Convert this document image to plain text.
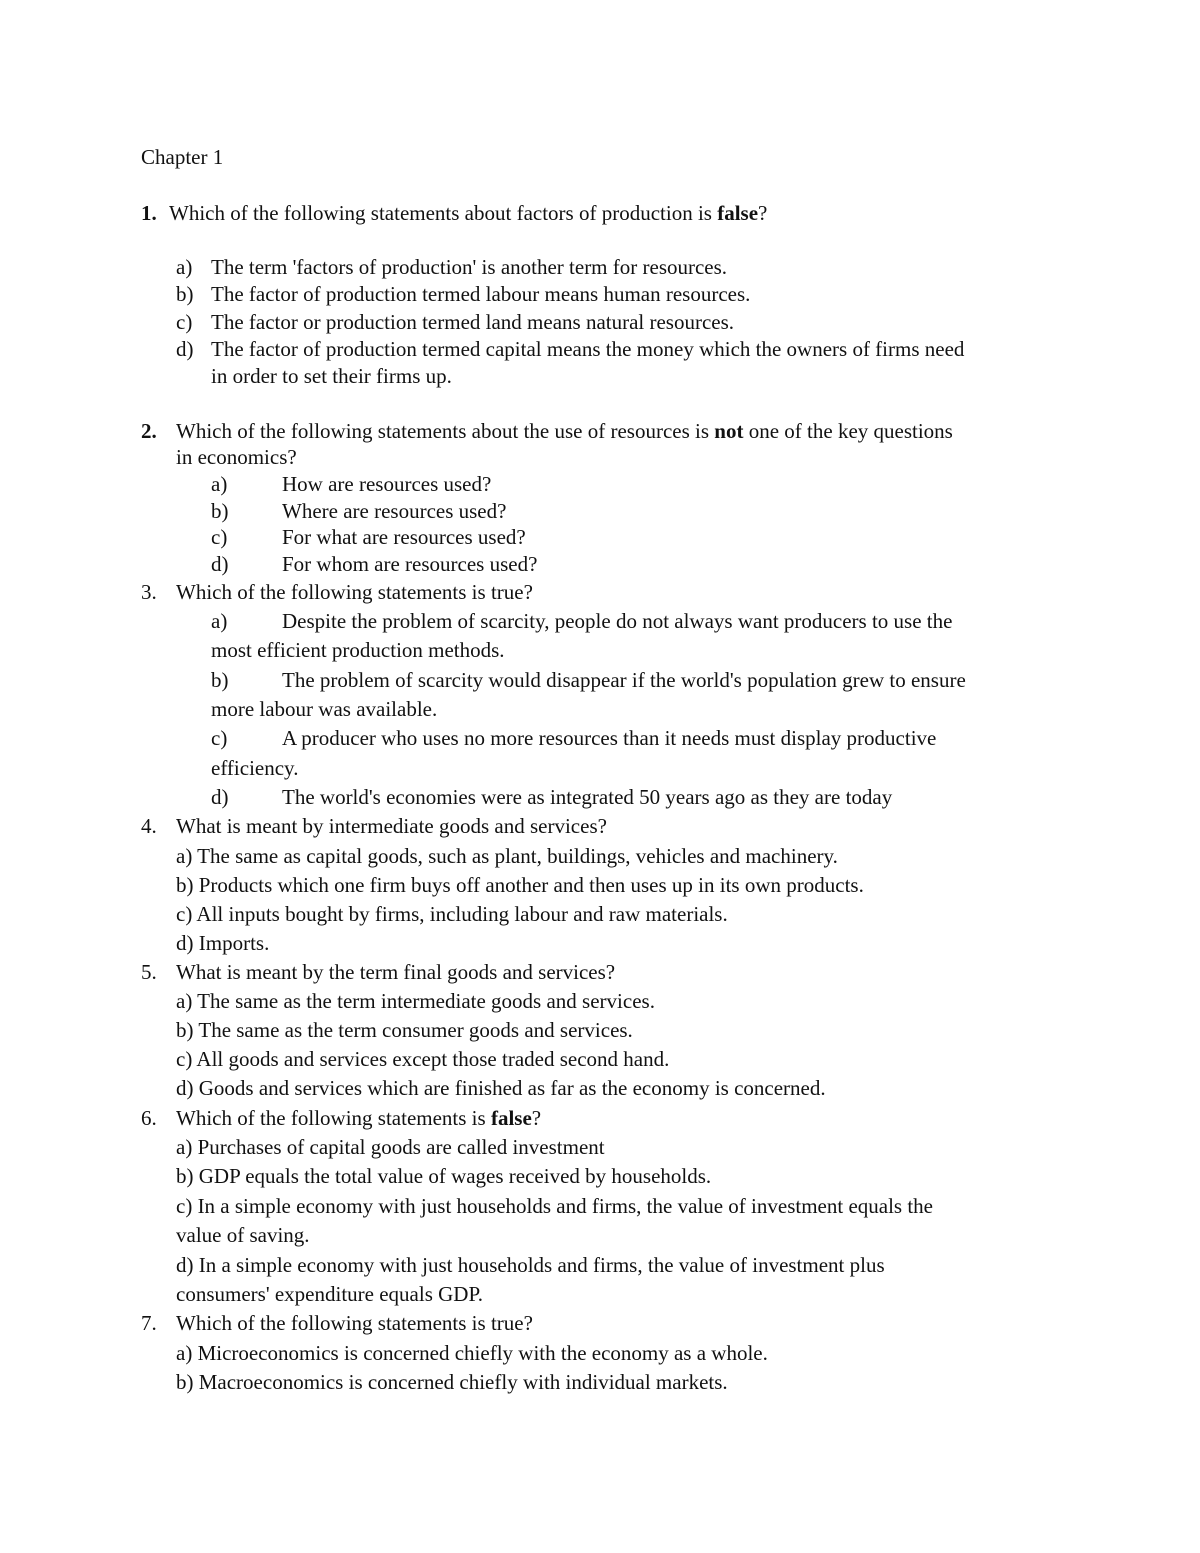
Chapter 1
1. Which of the following statements about factors of production is false?
a) The term 'factors of production' is another term for resources.
b) The factor of production termed labour means human resources.
c) The factor or production termed land means natural resources.
d) The factor of production termed capital means the money which the owners of firms need
in order to set their firms up.
2. Which of the following statements about the use of resources is not one of the key questions
in economics?
a)	How are resources used?
b)	Where are resources used?
c)	For what are resources used?
d)	For whom are resources used?
3. Which of the following statements is true?
a)	Despite the problem of scarcity, people do not always want producers to use the
most efficient production methods.
b)	The problem of scarcity would disappear if the world's population grew to ensure
more labour was available.
c)	A producer who uses no more resources than it needs must display productive
efficiency.
d)	The world's economies were as integrated 50 years ago as they are today
4. What is meant by intermediate goods and services?
a) The same as capital goods, such as plant, buildings, vehicles and machinery.
b) Products which one firm buys off another and then uses up in its own products.
c) All inputs bought by firms, including labour and raw materials.
d) Imports.
5. What is meant by the term final goods and services?
a) The same as the term intermediate goods and services.
b) The same as the term consumer goods and services.
c) All goods and services except those traded second hand.
d) Goods and services which are finished as far as the economy is concerned.
6. Which of the following statements is false?
a) Purchases of capital goods are called investment
b) GDP equals the total value of wages received by households.
c) In a simple economy with just households and firms, the value of investment equals the
value of saving.
d) In a simple economy with just households and firms, the value of investment plus
consumers' expenditure equals GDP.
7. Which of the following statements is true?
a) Microeconomics is concerned chiefly with the economy as a whole.
b) Macroeconomics is concerned chiefly with individual markets.
